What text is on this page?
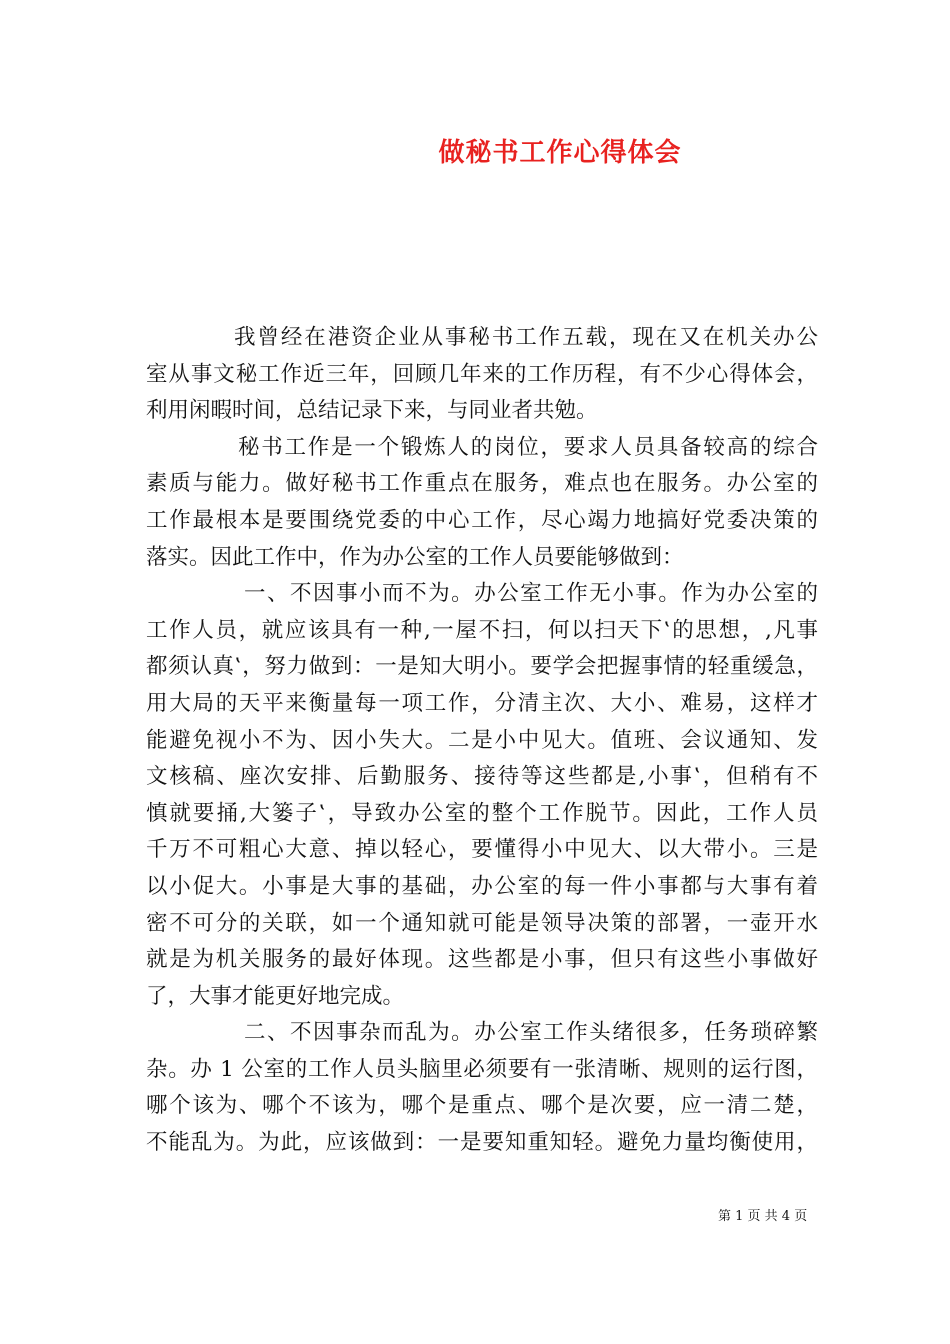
做秘书工作心得体会
我曾经在港资企业从事秘书工作五载，现在又在机关办公
室从事文秘工作近三年，回顾几年来的工作历程，有不少心得体会，
利用闲暇时间，总结记录下来，与同业者共勉。
秘书工作是一个锻炼人的岗位，要求人员具备较高的综合
素质与能力。做好秘书工作重点在服务，难点也在服务。办公室的
工作最根本是要围绕党委的中心工作，尽心竭力地搞好党委决策的
落实。因此工作中，作为办公室的工作人员要能够做到：
一、不因事小而不为。办公室工作无小事。作为办公室的
工作人员，就应该具有一种‚一屋不扫，何以扫天下‛的思想，‚凡事
都须认真‛，努力做到：一是知大明小。要学会把握事情的轻重缓急，
用大局的天平来衡量每一项工作，分清主次、大小、难易，这样才
能避免视小不为、因小失大。二是小中见大。值班、会议通知、发
文核稿、座次安排、后勤服务、接待等这些都是‚小事‛，但稍有不
慎就要捅‚大篓子‛，导致办公室的整个工作脱节。因此，工作人员
千万不可粗心大意、掉以轻心，要懂得小中见大、以大带小。三是
以小促大。小事是大事的基础，办公室的每一件小事都与大事有着
密不可分的关联，如一个通知就可能是领导决策的部署，一壶开水
就是为机关服务的最好体现。这些都是小事，但只有这些小事做好
了，大事才能更好地完成。
二、不因事杂而乱为。办公室工作头绪很多，任务琐碎繁
杂。办 1 公室的工作人员头脑里必须要有一张清晰、规则的运行图，
哪个该为、哪个不该为，哪个是重点、哪个是次要，应一清二楚，
不能乱为。为此，应该做到：一是要知重知轻。避免力量均衡使用，
第 1 页 共 4 页
